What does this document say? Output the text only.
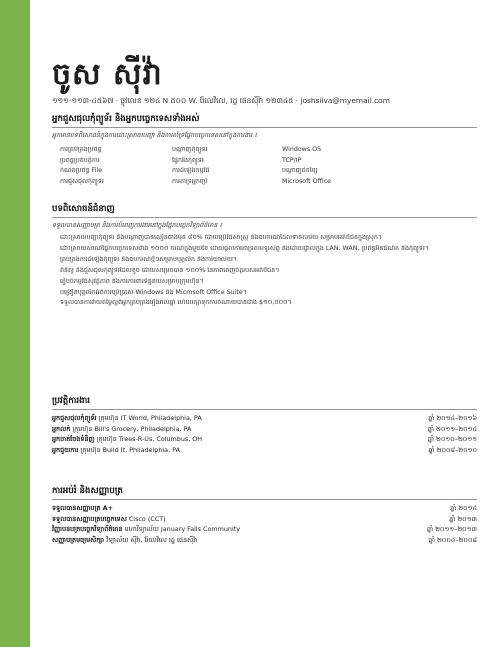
ចូស ស៊ីវ៉ា
១១១-១១៣-៤៥៦៧ · ផ្លូវលេខ ១២៤ N ៥០០ W. រ៉ែលេវិលេ, រដ្ឋ ផេនស៊ីវ៉ា ១២៣៤៥ · joshsilva@myemail.com
អ្នកជួសជុលកុំព្យូទ័រ និងអ្នកបច្ចេកទេសទាំងអស់
អ្នកមានបទពិសោធន៍ក្នុងការដោះស្រាយបញ្ហា និងការគាំទ្រផ្នែកបច្ចេកទេសនៅក្នុងការងារ ៖
ការគ្រប់គ្រងប្រព័ន្ធ	បណ្តាញកុំព្យូទ័រ	Windows OS
ប្រព័ន្ធប្រតិបត្តិការ	ផ្នែករឹងកុំព្យូទ័រ	TCP/IP
កំណត់ប្រព័ន្ធ File	ការដំឡើងកម្មវិធី	បណ្តាញឥតខ្សែ
ការជួសជុលកុំព្យូទ័រ	ការគាំទ្រអ្នកប្រើ	Microsoft Office
បទពិសោធន៍ជំនាញ
ទទួលបានសញ្ញាបត្រ និងការបំពេញការងារនៅក្នុងផ្នែកបច្ចេកវិទ្យាព័ត៌មាន ៖
ដោះស្រាយបញ្ហាកុំព្យូទ័រ និងបណ្តាញបានលឿនជាងមុន ៨០% ដោយប្រើវិធីសាស្ត្រ និងឧបករណ៍ដែលទាន់សម័យ សម្រាប់អតិថិជនក្នុងស្រុក។
ដោះស្រាយសំណើផ្នែកបច្ចេកទេសជាង ១០០០ ករណីក្នុងមួយខែ ដោយផ្តល់ការគាំទ្រតាមទូរស័ព្ទ និងដោយផ្ទាល់ក្នុង LAN, WAN, ប្រព័ន្ធអ៊ីនធឺណិត និងកុំព្យូទ័រ។
គ្រប់គ្រងការដំឡើងកុំព្យូទ័រ និងឧបករណ៍ថ្មីៗសម្រាប់បុគ្គលិក និងការិយាល័យ។
ពិនិត្យ និងជួសជុលកុំព្យូទ័រដែលខូច ដោយសម្រេចបាន ១០០% នៃភាពពេញចិត្តរបស់អតិថិជន។
រៀបចំកម្មវិធីសុវត្ថិភាព និងការការពារទិន្នន័យសម្រាប់ក្រុមហ៊ុន។
បង្រៀនបុគ្គលិកអំពីការប្រើប្រាស់ Windows និង Microsoft Office Suite។
ទទួលបានការវាយតម្លៃល្អពីអ្នកគ្រប់គ្រងរៀងរាល់ឆ្នាំ ហើយរក្សាទុកការចំណាយបានជាង $១០,០០០។
ប្រវត្តិការងារ
អ្នកជួសជុលកុំព្យូទ័រ ក្រុមហ៊ុន IT World, Philadelphia, PA	ឆ្នាំ ២០១៤–២០១៦
អ្នកលក់ ក្រុមហ៊ុន Bill's Grocery, Philadelphia, PA	ឆ្នាំ ២០១១–២០១៤
អ្នកចាត់ចែងទំនិញ ក្រុមហ៊ុន Trees-R-Us, Columbus, OH	ឆ្នាំ ២០១០–២០១១
អ្នកជួយការ ក្រុមហ៊ុន Build It, Philadelphia, PA	ឆ្នាំ ២០០៨–២០១០
ការអប់រំ និងសញ្ញាបត្រ
ទទួលបានសញ្ញាបត្រ A+	ឆ្នាំ ២០១៤
ទទួលបានសញ្ញាបត្របច្ចេកទេស Cisco (CCT)	ឆ្នាំ ២០១៣
វិញ្ញាបនបត្របច្ចេកវិទ្យាព័ត៌មាន មហាវិទ្យាល័យ January Falls Community	ឆ្នាំ ២០១១–២០១៣
សញ្ញាបត្រមធ្យមសិក្សា វិទ្យាល័យ ស៊ីវ៉ា, រ៉ែលេវិលេ រដ្ឋ ផេនស៊ីវ៉ា	ឆ្នាំ ២០០៤–២០០៨
